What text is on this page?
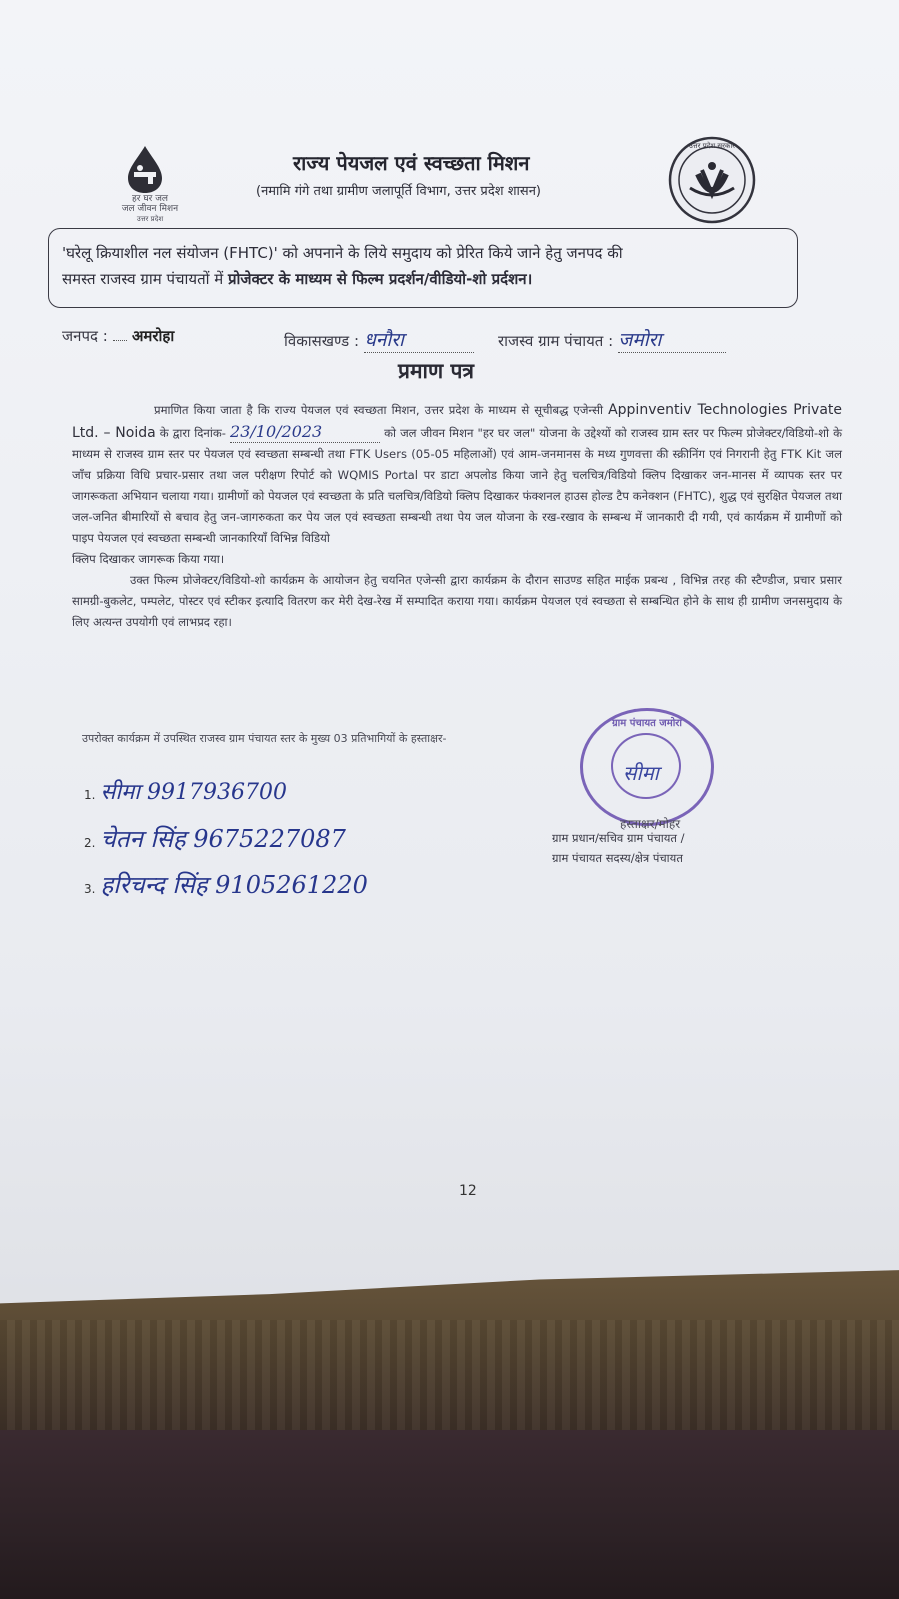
हर घर जल
जल जीवन मिशन
उत्तर प्रदेश
राज्य पेयजल एवं स्वच्छता मिशन
(नमामि गंगे तथा ग्रामीण जलापूर्ति विभाग, उत्तर प्रदेश शासन)
उत्तर प्रदेश सरकार
'घरेलू क्रियाशील नल संयोजन (FHTC)' को अपनाने के लिये समुदाय को प्रेरित किये जाने हेतु जनपद की
समस्त राजस्व ग्राम पंचायतों में प्रोजेक्टर के माध्यम से फिल्म प्रदर्शन/वीडियो-शो प्रर्दशन।
जनपद : अमरोहा	विकासखण्ड : धनौरा	राजस्व ग्राम पंचायत : जमोरा
प्रमाण पत्र
प्रमाणित किया जाता है कि राज्य पेयजल एवं स्वच्छता मिशन, उत्तर प्रदेश के माध्यम से सूचीबद्ध एजेन्सी Appinventiv Technologies Private Ltd. – Noida के द्वारा दिनांक- 23/10/2023	को जल जीवन मिशन "हर घर जल" योजना के उद्देश्यों को राजस्व ग्राम स्तर पर फिल्म प्रोजेक्टर/विडियो-शो के माध्यम से राजस्व ग्राम स्तर पर पेयजल एवं स्वच्छता सम्बन्धी तथा FTK Users (05-05 महिलाओं) एवं आम-जनमानस के मध्य गुणवत्ता की स्क्रीनिंग एवं निगरानी हेतु FTK Kit जल जाँच प्रक्रिया विधि प्रचार-प्रसार तथा जल परीक्षण रिपोर्ट को WQMIS Portal पर डाटा अपलोड किया जाने हेतु चलचित्र/विडियो क्लिप दिखाकर जन-मानस में व्यापक स्तर पर जागरूकता अभियान चलाया गया। ग्रामीणों को पेयजल एवं स्वच्छता के प्रति चलचित्र/विडियो क्लिप दिखाकर फंक्शनल हाउस होल्ड टैप कनेक्शन (FHTC), शुद्ध एवं सुरक्षित पेयजल तथा जल-जनित बीमारियों से बचाव हेतु जन-जागरुकता कर पेय जल एवं स्वच्छता सम्बन्धी तथा पेय जल योजना के रख-रखाव के सम्बन्ध में जानकारी दी गयी, एवं कार्यक्रम में ग्रामीणों को पाइप पेयजल एवं स्वच्छता सम्बन्धी जानकारियाँ विभिन्न विडियो
क्लिप दिखाकर जागरूक किया गया।
उक्त फिल्म प्रोजेक्टर/विडियो-शो कार्यक्रम के आयोजन हेतु चयनित एजेन्सी द्वारा कार्यक्रम के दौरान साउण्ड सहित माईक प्रबन्ध , विभिन्न तरह की स्टैण्डीज, प्रचार प्रसार सामग्री-बुकलेट, पम्पलेट, पोस्टर एवं स्टीकर इत्यादि वितरण कर मेरी देख-रेख में सम्पादित कराया गया। कार्यक्रम पेयजल एवं स्वच्छता से सम्बन्धित होने के साथ ही ग्रामीण जनसमुदाय के लिए अत्यन्त उपयोगी एवं लाभप्रद रहा।
उपरोक्त कार्यक्रम में उपस्थित राजस्व ग्राम पंचायत स्तर के मुख्य 03 प्रतिभागियों के हस्ताक्षर-
1. सीमा 9917936700
2. चेतन सिंह 9675227087
3. हरिचन्द सिंह 9105261220
ग्राम पंचायत जमोरा
सीमा
हस्ताक्षर/मोहर
ग्राम प्रधान/सचिव ग्राम पंचायत /
ग्राम पंचायत सदस्य/क्षेत्र पंचायत
12
